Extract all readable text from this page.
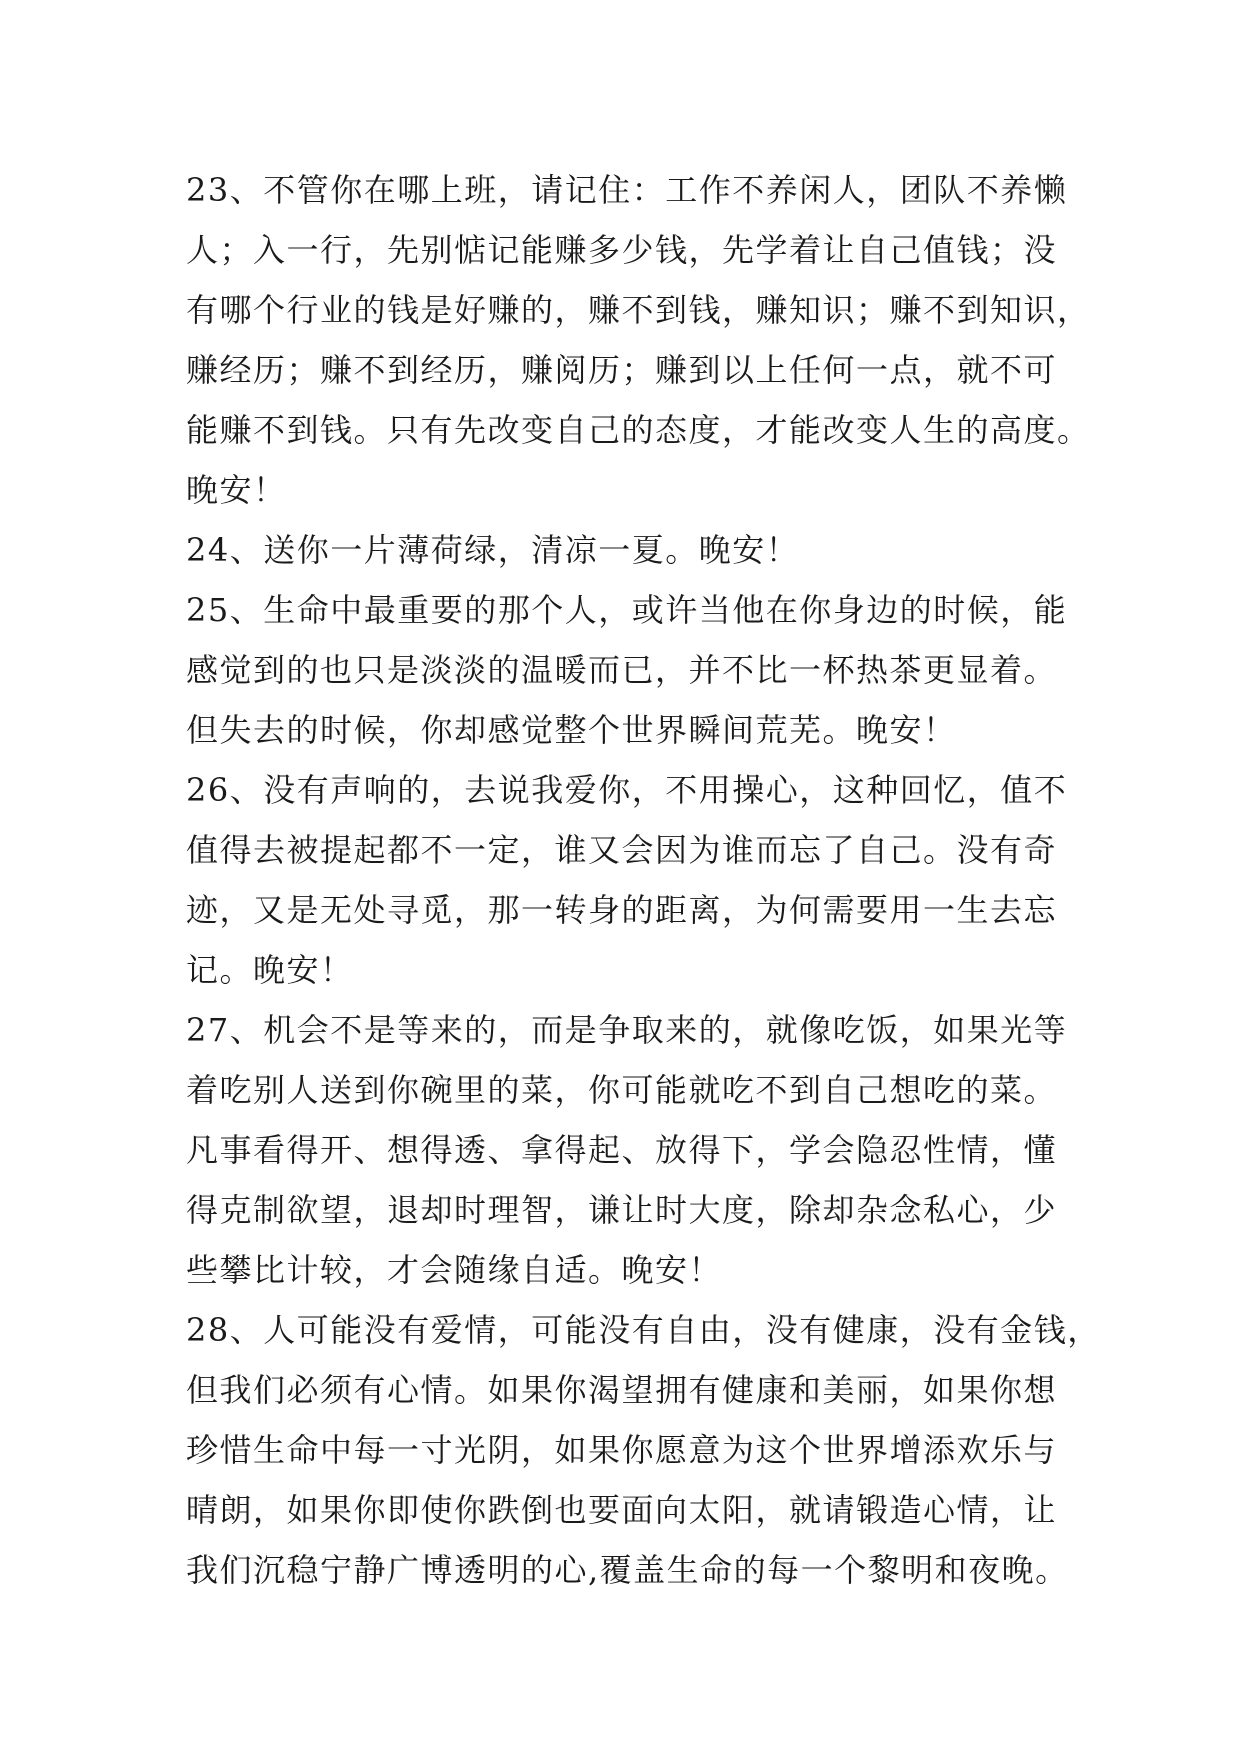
23、不管你在哪上班，请记住：工作不养闲人，团队不养懒
人；入一行，先别惦记能赚多少钱，先学着让自己值钱；没
有哪个行业的钱是好赚的，赚不到钱，赚知识；赚不到知识，
赚经历；赚不到经历，赚阅历；赚到以上任何一点，就不可
能赚不到钱。只有先改变自己的态度，才能改变人生的高度。
晚安！
24、送你一片薄荷绿，清凉一夏。晚安！
25、生命中最重要的那个人，或许当他在你身边的时候，能
感觉到的也只是淡淡的温暖而已，并不比一杯热茶更显着。
但失去的时候，你却感觉整个世界瞬间荒芜。晚安！
26、没有声响的，去说我爱你，不用操心，这种回忆，值不
值得去被提起都不一定，谁又会因为谁而忘了自己。没有奇
迹，又是无处寻觅，那一转身的距离，为何需要用一生去忘
记。晚安！
27、机会不是等来的，而是争取来的，就像吃饭，如果光等
着吃别人送到你碗里的菜，你可能就吃不到自己想吃的菜。
凡事看得开、想得透、拿得起、放得下，学会隐忍性情，懂
得克制欲望，退却时理智，谦让时大度，除却杂念私心，少
些攀比计较，才会随缘自适。晚安！
28、人可能没有爱情，可能没有自由，没有健康，没有金钱，
但我们必须有心情。如果你渴望拥有健康和美丽，如果你想
珍惜生命中每一寸光阴，如果你愿意为这个世界增添欢乐与
晴朗，如果你即使你跌倒也要面向太阳，就请锻造心情，让
我们沉稳宁静广博透明的心,覆盖生命的每一个黎明和夜晚。
